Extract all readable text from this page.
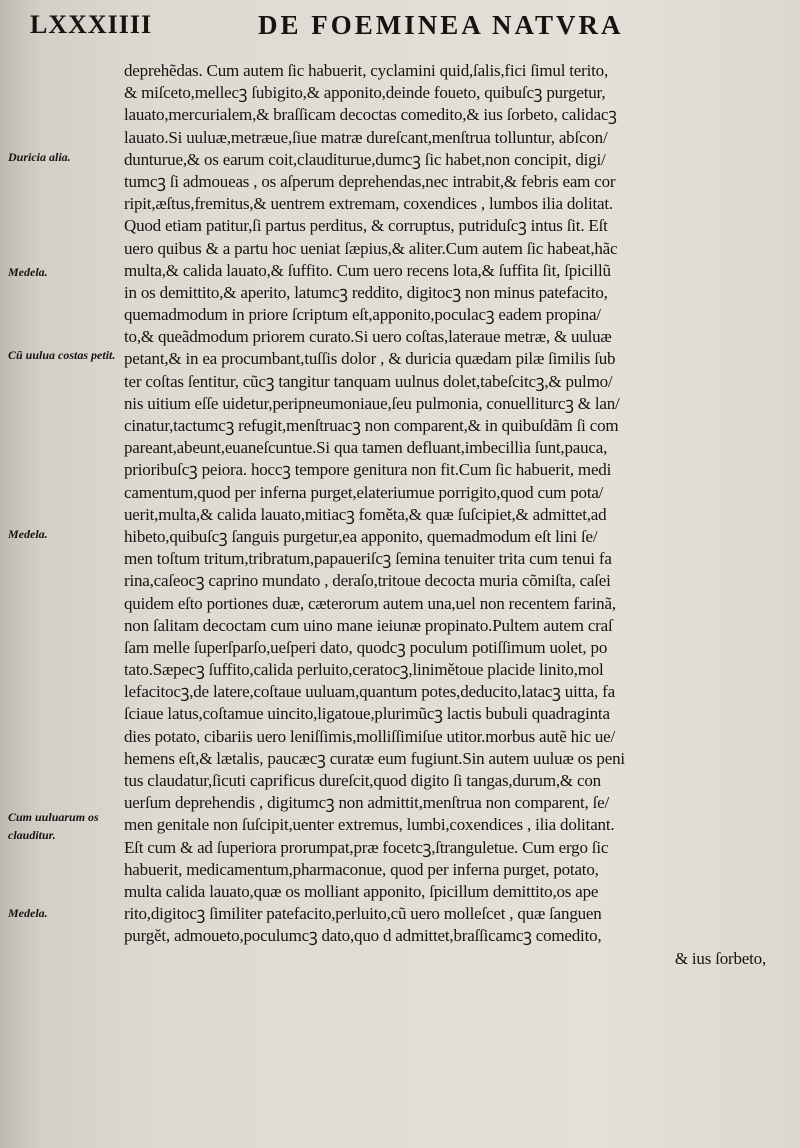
LXXXIIII	DE FOEMINEA NATVRA
Duricia alia.
Medela.
Cũ uulua costas petit.
Medela.
Cum uuluarum os clauditur.
Medela.
deprehẽdas. Cum autem ſic habuerit, cyclamini quid,ſalis,fici ſimul terito,
& miſceto,mellecꝫ ſubigito,& apponito,deinde foueto, quibuſcꝫ purgetur,
lauato,mercurialem,& braſſicam decoctas comedito,& ius ſorbeto, calidacꝫ
lauato.Si uuluæ,metræue,ſiue matræ dureſcant,menſtrua tolluntur, abſcon/
dunturue,& os earum coit,clauditurue,dumcꝫ ſic habet,non concipit, digi/
tumcꝫ ſi admoueas , os aſperum deprehendas,nec intrabit,& febris eam cor
ripit,æſtus,fremitus,& uentrem extremam, coxendices , lumbos ilia dolitat.
Quod etiam patitur,ſi partus perditus, & corruptus, putriduſcꝫ intus ſit. Eſt
uero quibus & a partu hoc ueniat ſæpius,& aliter.Cum autem ſic habeat,hãc
multa,& calida lauato,& ſuffito. Cum uero recens lota,& ſuffita ſit, ſpicillũ
in os demittito,& aperito, latumcꝫ reddito, digitocꝫ non minus patefacito,
quemadmodum in priore ſcriptum eſt,apponito,poculacꝫ eadem propina/
to,& queãdmodum priorem curato.Si uero coſtas,lateraue metræ, & uuluæ
petant,& in ea procumbant,tuſſis dolor , & duricia quædam pilæ ſimilis ſub
ter coſtas ſentitur, cũcꝫ tangitur tanquam uulnus dolet,tabeſcitcꝫ,& pulmo/
nis uitium eſſe uidetur,peripneumoniaue,ſeu pulmonia, conuelliturcꝫ & lan/
cinatur,tactumcꝫ refugit,menſtruacꝫ non comparent,& in quibuſdãm ſi com
pareant,abeunt,euaneſcuntue.Si qua tamen defluant,imbecillia ſunt,pauca,
prioribuſcꝫ peiora. hoccꝫ tempore genitura non fit.Cum ſic habuerit, medi
camentum,quod per inferna purget,elateriumue porrigito,quod cum pota/
uerit,multa,& calida lauato,mitiacꝫ foměta,& quæ ſuſcipiet,& admittet,ad
hibeto,quibuſcꝫ ſanguis purgetur,ea apponito, quemadmodum eſt lini ſe/
men toſtum tritum,tribratum,papaueriſcꝫ ſemina tenuiter trita cum tenui fa
rina,caſeocꝫ caprino mundato , deraſo,tritoue decocta muria cõmiſta, caſei
quidem eſto portiones duæ, cæterorum autem una,uel non recentem farinã,
non ſalitam decoctam cum uino mane ieiunæ propinato.Pultem autem craſ
ſam melle ſuperſparſo,ueſperi dato, quodcꝫ poculum potiſſimum uolet, po
tato.Sæpecꝫ ſuffito,calida perluito,ceratocꝫ,linimětoue placide linito,mol
lefacitocꝫ,de latere,coſtaue uuluam,quantum potes,deducito,latacꝫ uitta, fa
ſciaue latus,coſtamue uincito,ligatoue,plurimũcꝫ lactis bubuli quadraginta
dies potato, cibariis uero leniſſimis,molliſſimiſue utitor.morbus autẽ hic ue/
hemens eſt,& lætalis, paucæcꝫ curatæ eum fugiunt.Sin autem uuluæ os peni
tus claudatur,ſicuti caprificus dureſcit,quod digito ſi tangas,durum,& con
uerſum deprehendis , digitumcꝫ non admittit,menſtrua non comparent, ſe/
men genitale non ſuſcipit,uenter extremus, lumbi,coxendices , ilia dolitant.
Eſt cum & ad ſuperiora prorumpat,præ focetcꝫ,ſtranguletue. Cum ergo ſic
habuerit, medicamentum,pharmaconue, quod per inferna purget, potato,
multa calida lauato,quæ os molliant apponito, ſpicillum demittito,os ape
rito,digitocꝫ ſimiliter patefacito,perluito,cũ uero molleſcet , quæ ſanguen
purgět, admoueto,poculumcꝫ dato,quo d admittet,braſſicamcꝫ comedito,
& ius ſorbeto,
